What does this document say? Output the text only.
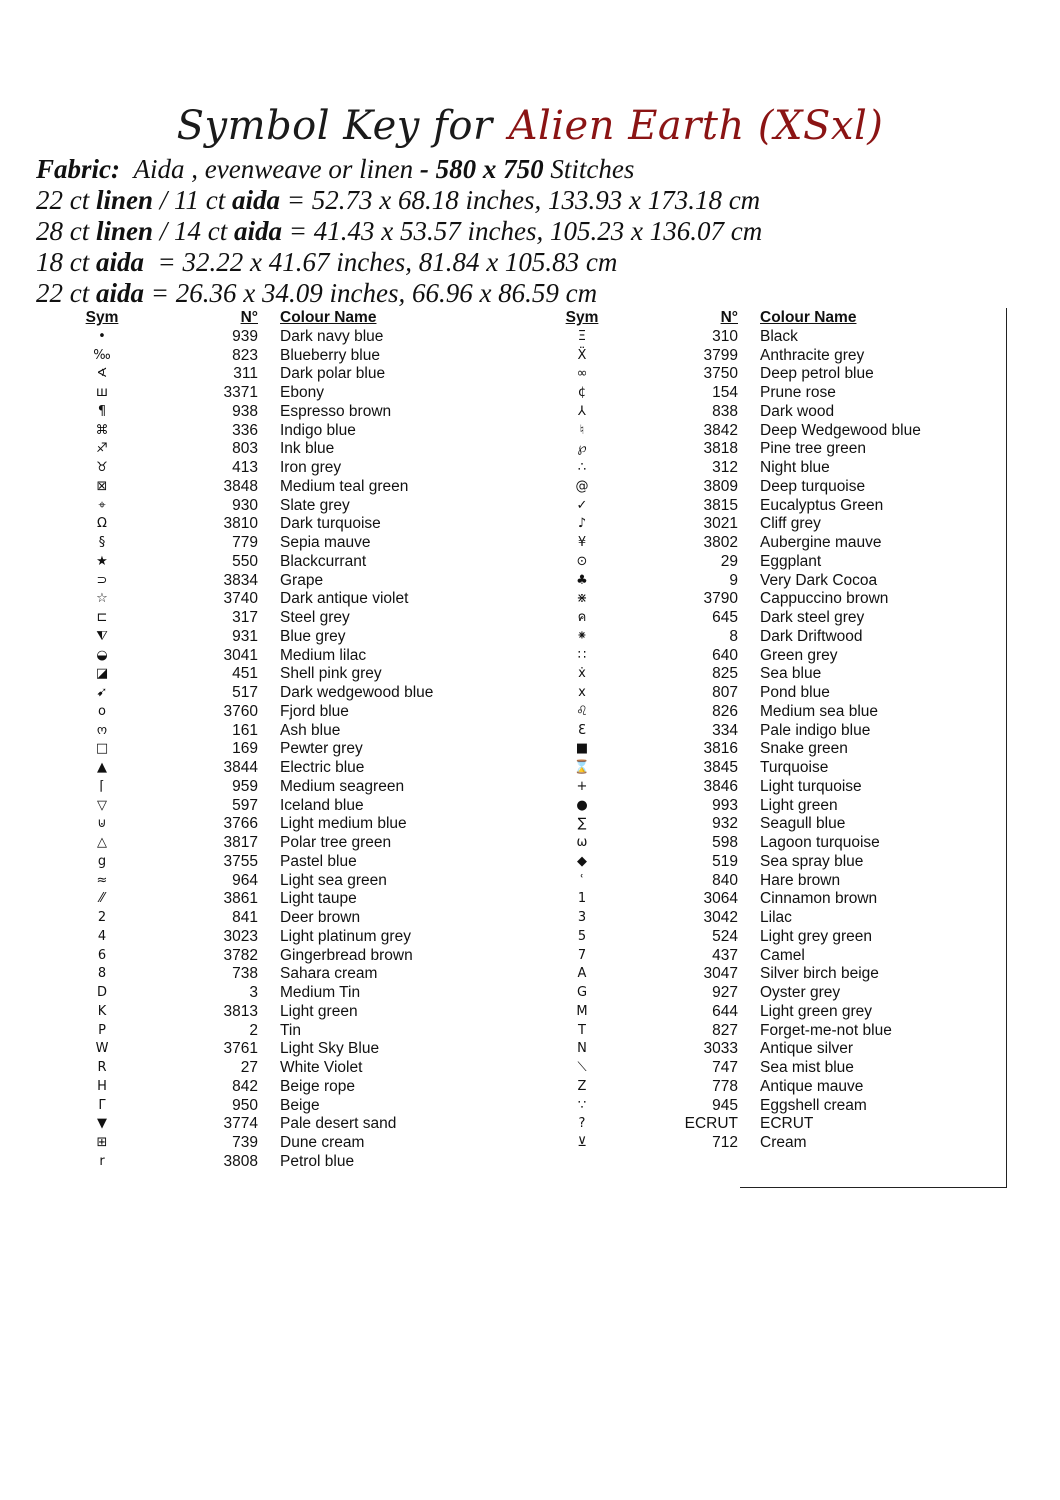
Symbol Key for Alien Earth (XSxl)
Fabric: Aida , evenweave or linen - 580 x 750 Stitches
22 ct linen / 11 ct aida = 52.73 x 68.18 inches, 133.93 x 173.18 cm
28 ct linen / 14 ct aida = 41.43 x 53.57 inches, 105.23 x 136.07 cm
18 ct aida  = 32.22 x 41.67 inches, 81.84 x 105.83 cm
22 ct aida = 26.36 x 34.09 inches, 66.96 x 86.59 cm
Sym	N° Colour Name
•	939 Dark navy blue
‰	823 Blueberry blue
∢	311 Dark polar blue
ш	3371 Ebony
¶	938 Espresso brown
⌘	336 Indigo blue
♐	803 Ink blue
♉	413 Iron grey
⊠	3848 Medium teal green
⌖	930 Slate grey
Ω	3810 Dark turquoise
§	779 Sepia mauve
★	550 Blackcurrant
⊃	3834 Grape
☆	3740 Dark antique violet
⊏	317 Steel grey
⧨	931 Blue grey
◒	3041 Medium lilac
◪	451 Shell pink grey
➹	517 Dark wedgewood blue
o	3760 Fjord blue
ო	161 Ash blue
□	169 Pewter grey
▲	3844 Electric blue
⌈	959 Medium seagreen
▽	597 Iceland blue
⊍	3766 Light medium blue
△	3817 Polar tree green
g	3755 Pastel blue
≈	964 Light sea green
⁄⁄	3861 Light taupe
2	841 Deer brown
4	3023 Light platinum grey
6	3782 Gingerbread brown
8	738 Sahara cream
D	3 Medium Tin
K	3813 Light green
P	2 Tin
W	3761 Light Sky Blue
R	27 White Violet
H	842 Beige rope
Γ	950 Beige
▼	3774 Pale desert sand
⊞	739 Dune cream
r	3808 Petrol blue
Sym	N° Colour Name
Ξ	310 Black
Ẍ	3799 Anthracite grey
∞	3750 Deep petrol blue
¢	154 Prune rose
⅄	838 Dark wood
♮	3842 Deep Wedgewood blue
℘	3818 Pine tree green
∴	312 Night blue
@	3809 Deep turquoise
✓	3815 Eucalyptus Green
♪	3021 Cliff grey
¥	3802 Aubergine mauve
⊙	29 Eggplant
♣	9 Very Dark Cocoa
⋇	3790 Cappuccino brown
ค	645 Dark steel grey
⁕	8 Dark Driftwood
∷	640 Green grey
ẋ	825 Sea blue
x	807 Pond blue
♌	826 Medium sea blue
Ɛ	334 Pale indigo blue
■	3816 Snake green
⌛	3845 Turquoise
+	3846 Light turquoise
●	993 Light green
∑	932 Seagull blue
ω	598 Lagoon turquoise
◆	519 Sea spray blue
ʿ	840 Hare brown
1	3064 Cinnamon brown
3	3042 Lilac
5	524 Light grey green
7	437 Camel
A	3047 Silver birch beige
G	927 Oyster grey
M	644 Light green grey
T	827 Forget-me-not blue
N	3033 Antique silver
⟍	747 Sea mist blue
Z	778 Antique mauve
∵	945 Eggshell cream
?	ECRUT ECRUT
⊻	712 Cream
